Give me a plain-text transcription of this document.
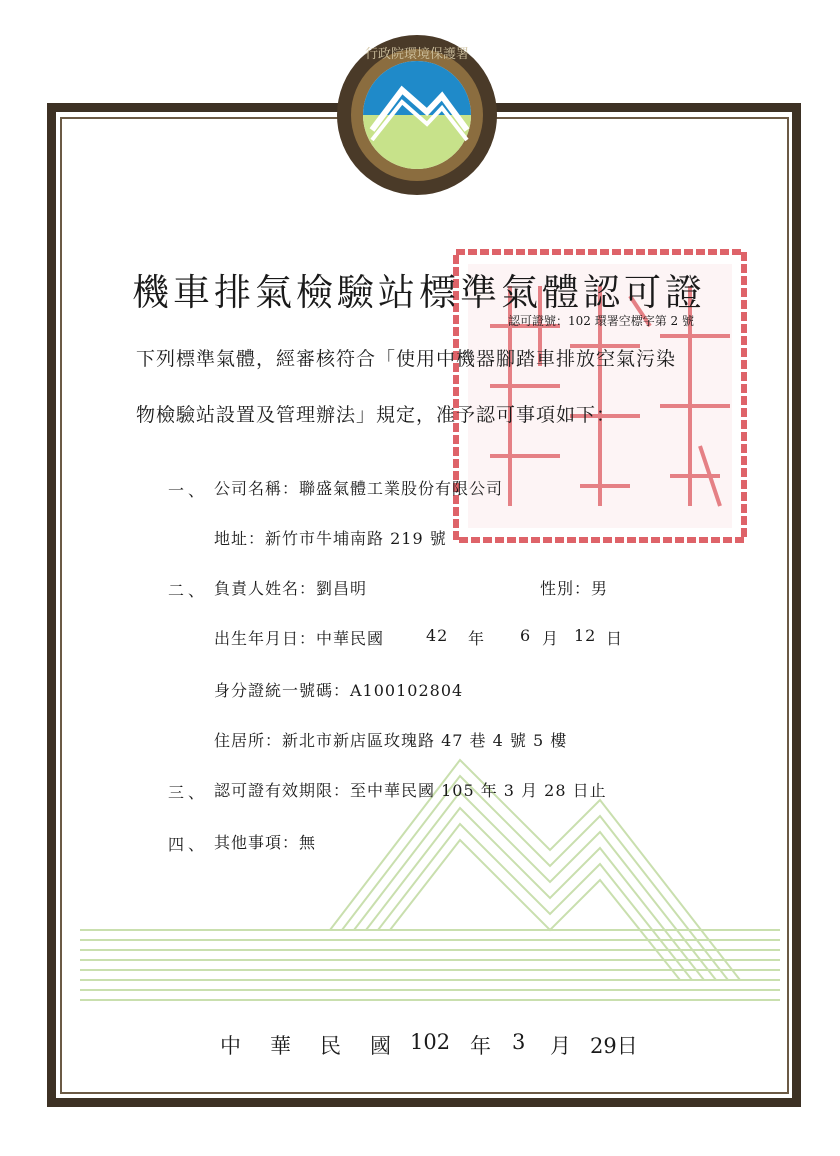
行政院環境保護署
機車排氣檢驗站標準氣體認可證
認可證號：102 環署空標字第 2 號
下列標準氣體，經審核符合「使用中機器腳踏車排放空氣污染
物檢驗站設置及管理辦法」規定，准予認可事項如下：
一、 公司名稱：聯盛氣體工業股份有限公司
地址：新竹市牛埔南路 219 號
二、 負責人姓名：劉昌明	性別：男
出生年月日：中華民國	42 年 6 月 12 日
身分證統一號碼：A100102804
住居所：新北市新店區玫瑰路 47 巷 4 號 5 樓
三、 認可證有效期限：至中華民國 105 年 3 月 28 日止
四、 其他事項：無
中 華 民 國 102 年 3 月 29日
